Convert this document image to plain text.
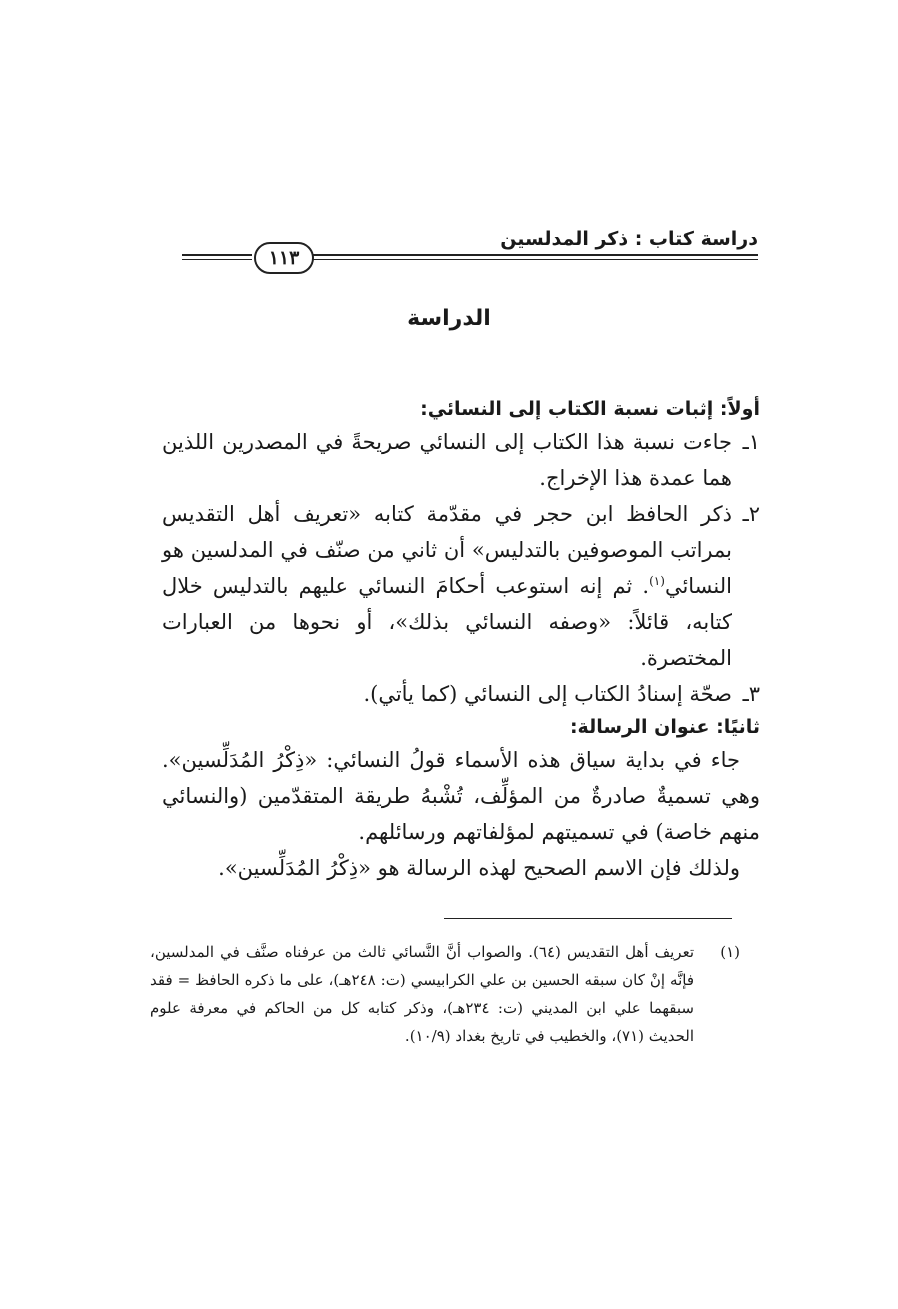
١١٣
دراسة كتاب : ذكر المدلسين
الدراسة
أولاً: إثبات نسبة الكتاب إلى النسائي:
١ـجاءت نسبة هذا الكتاب إلى النسائي صريحةً في المصدرين اللذين هما عمدة هذا الإخراج.
٢ـذكر الحافظ ابن حجر في مقدّمة كتابه «تعريف أهل التقديس بمراتب الموصوفين بالتدليس» أن ثاني من صنّف في المدلسين هو النسائي$^{(١)}$. ثم إنه استوعب أحكامَ النسائي عليهم بالتدليس خلال كتابه، قائلاً: «وصفه النسائي بذلك»، أو نحوها من العبارات المختصرة.
٣ـصحّة إسنادُ الكتاب إلى النسائي (كما يأتي).
ثانيًا: عنوان الرسالة:
جاء في بداية سياق هذه الأسماء قولُ النسائي: «ذِكْرُ المُدَلِّسين». وهي تسميةٌ صادرةٌ من المؤلِّف، تُشْبهُ طريقة المتقدّمين (والنسائي منهم خاصة) في تسميتهم لمؤلفاتهم ورسائلهم.
ولذلك فإن الاسم الصحيح لهذه الرسالة هو «ذِكْرُ المُدَلِّسين».
(١)تعريف أهل التقديس (٦٤). والصواب أنَّ النَّسائي ثالث من عرفناه صنَّف في المدلسين، فإنَّه إنْ كان سبقه الحسين بن علي الكرابيسي (ت: ٢٤٨هـ)، على ما ذكره الحافظ = فقد سبقهما علي ابن المديني (ت: ٢٣٤هـ)، وذكر كتابه كل من الحاكم في معرفة علوم الحديث (٧١)، والخطيب في تاريخ بغداد (١٠/٩).
